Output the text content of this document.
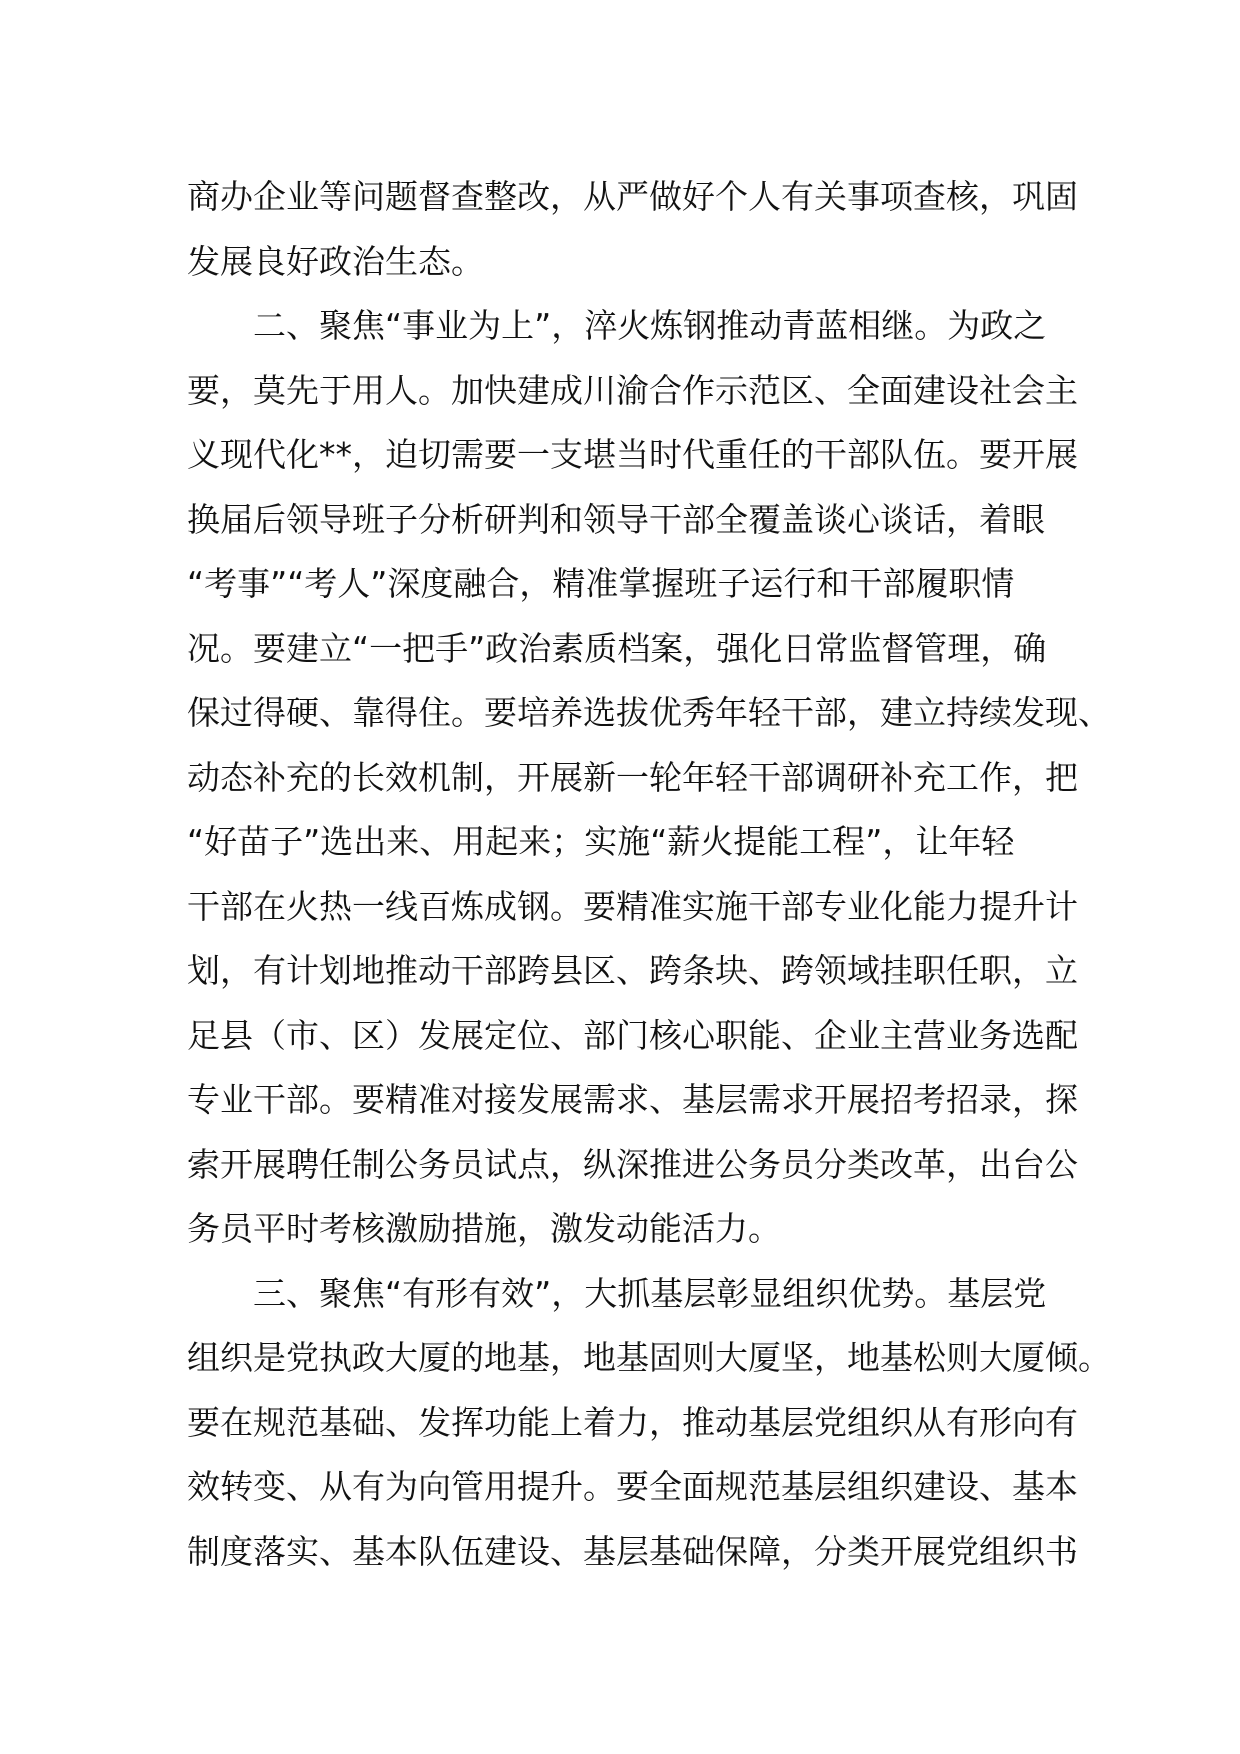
商办企业等问题督查整改，从严做好个人有关事项查核，巩固
发展良好政治生态。
二、聚焦“事业为上”，淬火炼钢推动青蓝相继。为政之
要，莫先于用人。加快建成川渝合作示范区、全面建设社会主
义现代化**，迫切需要一支堪当时代重任的干部队伍。要开展
换届后领导班子分析研判和领导干部全覆盖谈心谈话，着眼
“考事”“考人”深度融合，精准掌握班子运行和干部履职情
况。要建立“一把手”政治素质档案，强化日常监督管理，确
保过得硬、靠得住。要培养选拔优秀年轻干部，建立持续发现、
动态补充的长效机制，开展新一轮年轻干部调研补充工作，把
“好苗子”选出来、用起来；实施“薪火提能工程”，让年轻
干部在火热一线百炼成钢。要精准实施干部专业化能力提升计
划，有计划地推动干部跨县区、跨条块、跨领域挂职任职，立
足县（市、区）发展定位、部门核心职能、企业主营业务选配
专业干部。要精准对接发展需求、基层需求开展招考招录，探
索开展聘任制公务员试点，纵深推进公务员分类改革，出台公
务员平时考核激励措施，激发动能活力。
三、聚焦“有形有效”，大抓基层彰显组织优势。基层党
组织是党执政大厦的地基，地基固则大厦坚，地基松则大厦倾。
要在规范基础、发挥功能上着力，推动基层党组织从有形向有
效转变、从有为向管用提升。要全面规范基层组织建设、基本
制度落实、基本队伍建设、基层基础保障，分类开展党组织书
